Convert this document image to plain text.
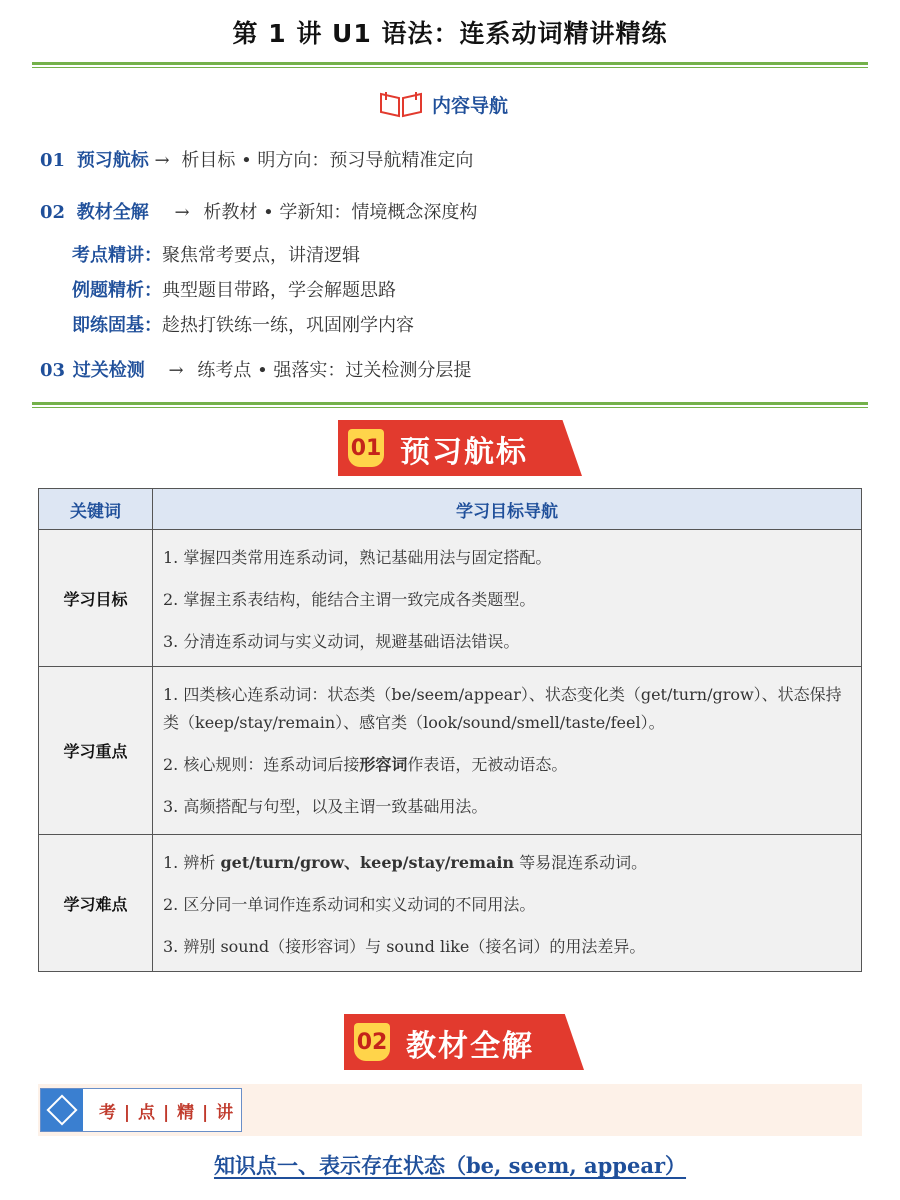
第 1 讲 U1 语法：连系动词精讲精练
内容导航
01 预习航标 → 析目标 • 明方向：预习导航精准定向
02 教材全解 → 析教材 • 学新知：情境概念深度构
考点精讲：聚焦常考要点，讲清逻辑
例题精析：典型题目带路，学会解题思路
即练固基：趁热打铁练一练，巩固刚学内容
03 过关检测 → 练考点 • 强落实：过关检测分层提
01 预习航标
关键词	学习目标导航
学习目标	1. 掌握四类常用连系动词，熟记基础用法与固定搭配。

2. 掌握主系表结构，能结合主谓一致完成各类题型。

3. 分清连系动词与实义动词，规避基础语法错误。

学习重点	1. 四类核心连系动词：状态类（be/seem/appear）、状态变化类（get/turn/grow）、状态保持类（keep/stay/remain）、感官类（look/sound/smell/taste/feel）。

2. 核心规则：连系动词后接形容词作表语，无被动语态。

3. 高频搭配与句型，以及主谓一致基础用法。

学习难点	1. 辨析 get/turn/grow、keep/stay/remain 等易混连系动词。

2. 区分同一单词作连系动词和实义动词的不同用法。

3. 辨别 sound（接形容词）与 sound like（接名词）的用法差异。

02 教材全解
考 | 点 | 精 | 讲
知识点一、表示存在状态（be, seem, appear）
